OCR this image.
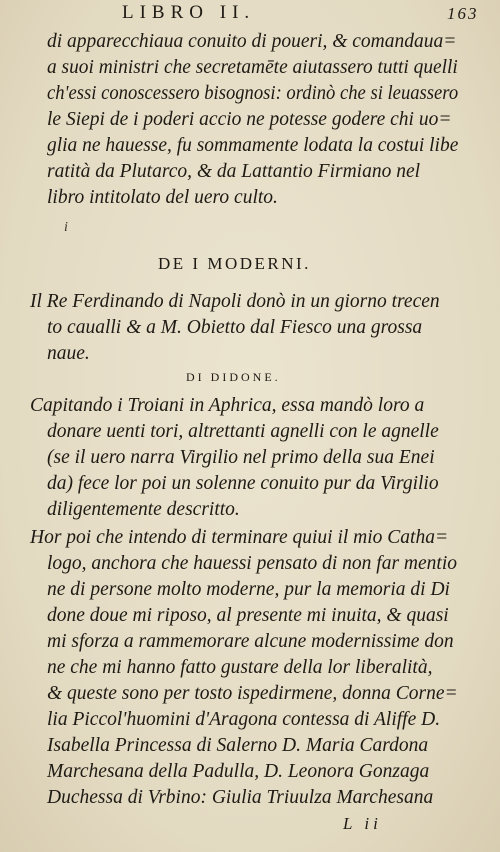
LIBRO II.	163
di apparecchiaua conuito di poueri, & comandaua=
a suoi ministri che secretamēte aiutassero tutti quelli
ch'essi conoscessero bisognosi: ordinò che si leuassero
le Siepi de i poderi accio ne potesse godere chi uo=
glia ne hauesse, fu sommamente lodata la costui libe
ratità da Plutarco, & da Lattantio Firmiano nel
libro intitolato del uero culto.
i
DE I MODERNI.
Il Re Ferdinando di Napoli donò in un giorno trecen
to caualli & a M. Obietto dal Fiesco una grossa
naue.
DI DIDONE.
Capitando i Troiani in Aphrica, essa mandò loro a
donare uenti tori, altrettanti agnelli con le agnelle
(se il uero narra Virgilio nel primo della sua Enei
da) fece lor poi un solenne conuito pur da Virgilio
diligentemente descritto.
Hor poi che intendo di terminare quiui il mio Catha=
logo, anchora che hauessi pensato di non far mentio
ne di persone molto moderne, pur la memoria di Di
done doue mi riposo, al presente mi inuita, & quasi
mi sforza a rammemorare alcune modernissime don
ne che mi hanno fatto gustare della lor liberalità,
& queste sono per tosto ispedirmene, donna Corne=
lia Piccol'huomini d'Aragona contessa di Aliffe D.
Isabella Princessa di Salerno D. Maria Cardona
Marchesana della Padulla, D. Leonora Gonzaga
Duchessa di Vrbino: Giulia Triuulza Marchesana
L ii
